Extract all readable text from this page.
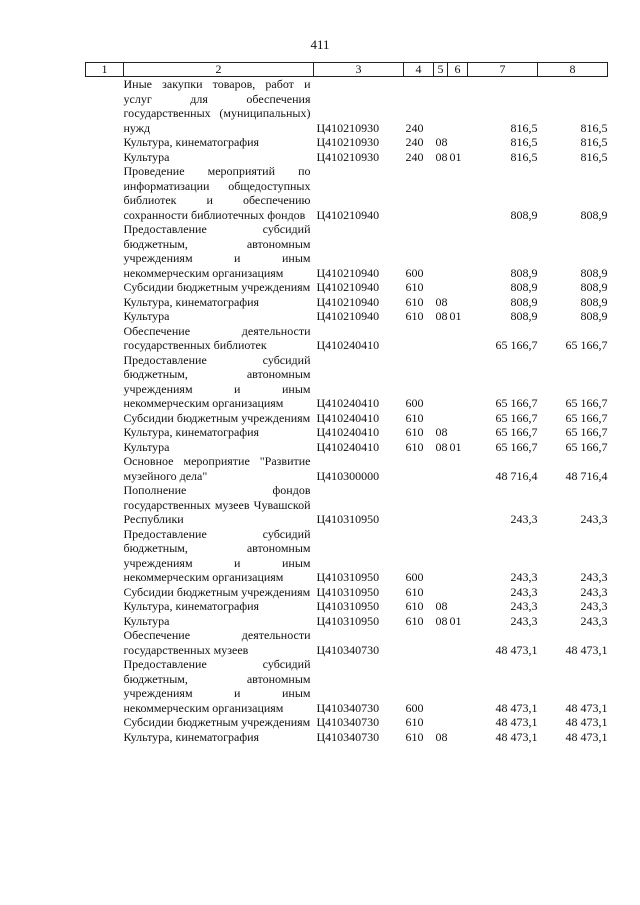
411
1	2	3	4	5	6	7	8
	Иные закупки товаров, работ и услуг для обеспечения государственных (муниципальных) нужд	Ц410210930	240			816,5	816,5
	Культура, кинематография	Ц410210930	240	08		816,5	816,5
	Культура	Ц410210930	240	08	01	816,5	816,5
	Проведение мероприятий по информатизации общедоступных библиотек и обеспечению сохранности библиотечных фондов	Ц410210940				808,9	808,9
	Предоставление субсидий бюджетным, автономным учреждениям и иным некоммерческим организациям	Ц410210940	600			808,9	808,9
	Субсидии бюджетным учреждениям	Ц410210940	610			808,9	808,9
	Культура, кинематография	Ц410210940	610	08		808,9	808,9
	Культура	Ц410210940	610	08	01	808,9	808,9
	Обеспечение деятельности государственных библиотек	Ц410240410				65 166,7	65 166,7
	Предоставление субсидий бюджетным, автономным учреждениям и иным некоммерческим организациям	Ц410240410	600			65 166,7	65 166,7
	Субсидии бюджетным учреждениям	Ц410240410	610			65 166,7	65 166,7
	Культура, кинематография	Ц410240410	610	08		65 166,7	65 166,7
	Культура	Ц410240410	610	08	01	65 166,7	65 166,7
	Основное мероприятие "Развитие музейного дела"	Ц410300000				48 716,4	48 716,4
	Пополнение фондов государственных музеев Чувашской Республики	Ц410310950				243,3	243,3
	Предоставление субсидий бюджетным, автономным учреждениям и иным некоммерческим организациям	Ц410310950	600			243,3	243,3
	Субсидии бюджетным учреждениям	Ц410310950	610			243,3	243,3
	Культура, кинематография	Ц410310950	610	08		243,3	243,3
	Культура	Ц410310950	610	08	01	243,3	243,3
	Обеспечение деятельности государственных музеев	Ц410340730				48 473,1	48 473,1
	Предоставление субсидий бюджетным, автономным учреждениям и иным некоммерческим организациям	Ц410340730	600			48 473,1	48 473,1
	Субсидии бюджетным учреждениям	Ц410340730	610			48 473,1	48 473,1
	Культура, кинематография	Ц410340730	610	08		48 473,1	48 473,1
